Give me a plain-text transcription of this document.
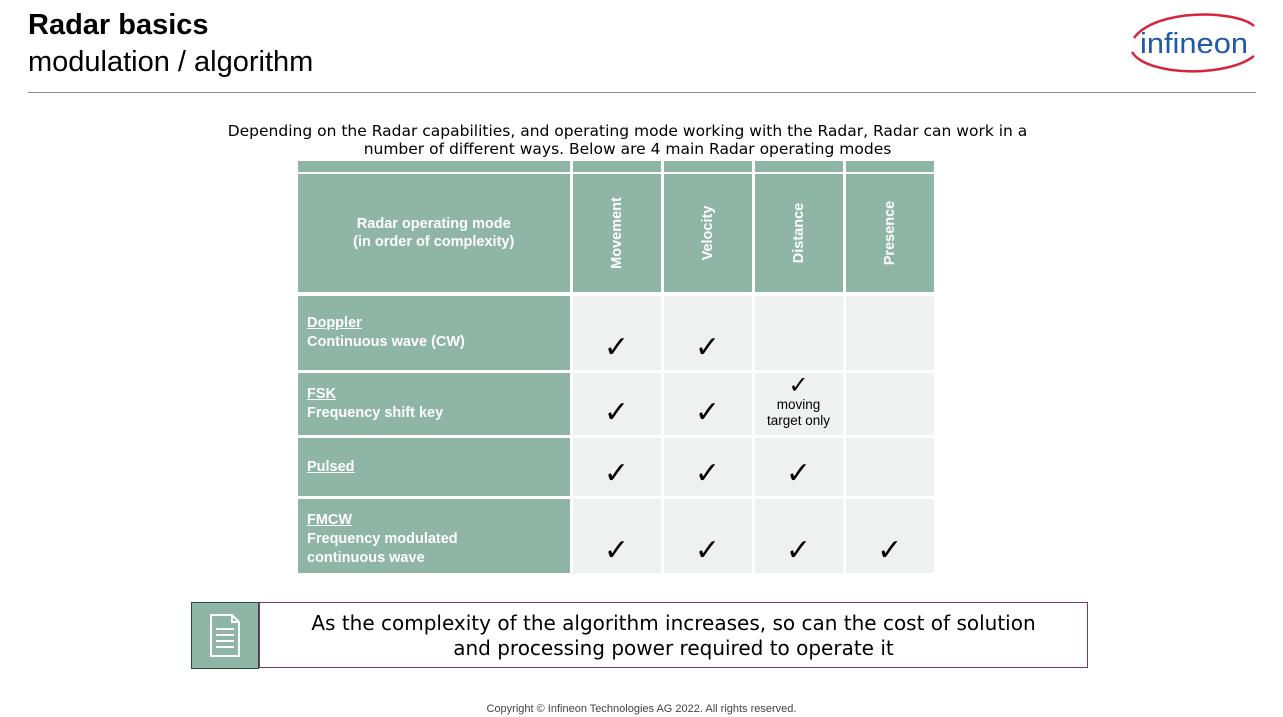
Radar basics
modulation / algorithm
infineon
Depending on the Radar capabilities, and operating mode working with the Radar, Radar can work in a number of different ways. Below are 4 main Radar operating modes

Radar operating mode
(in order of complexity)	Movement	Velocity	Distance	Presence

Doppler
Continuous wave (CW)	✓	✓		

FSK
Frequency shift key	✓	✓	✓
moving
target only	

Pulsed	✓	✓	✓	

FMCW
Frequency modulated continuous wave	✓	✓	✓	✓
As the complexity of the algorithm increases, so can the cost of solution
and processing power required to operate it
Copyright © Infineon Technologies AG 2022. All rights reserved.
